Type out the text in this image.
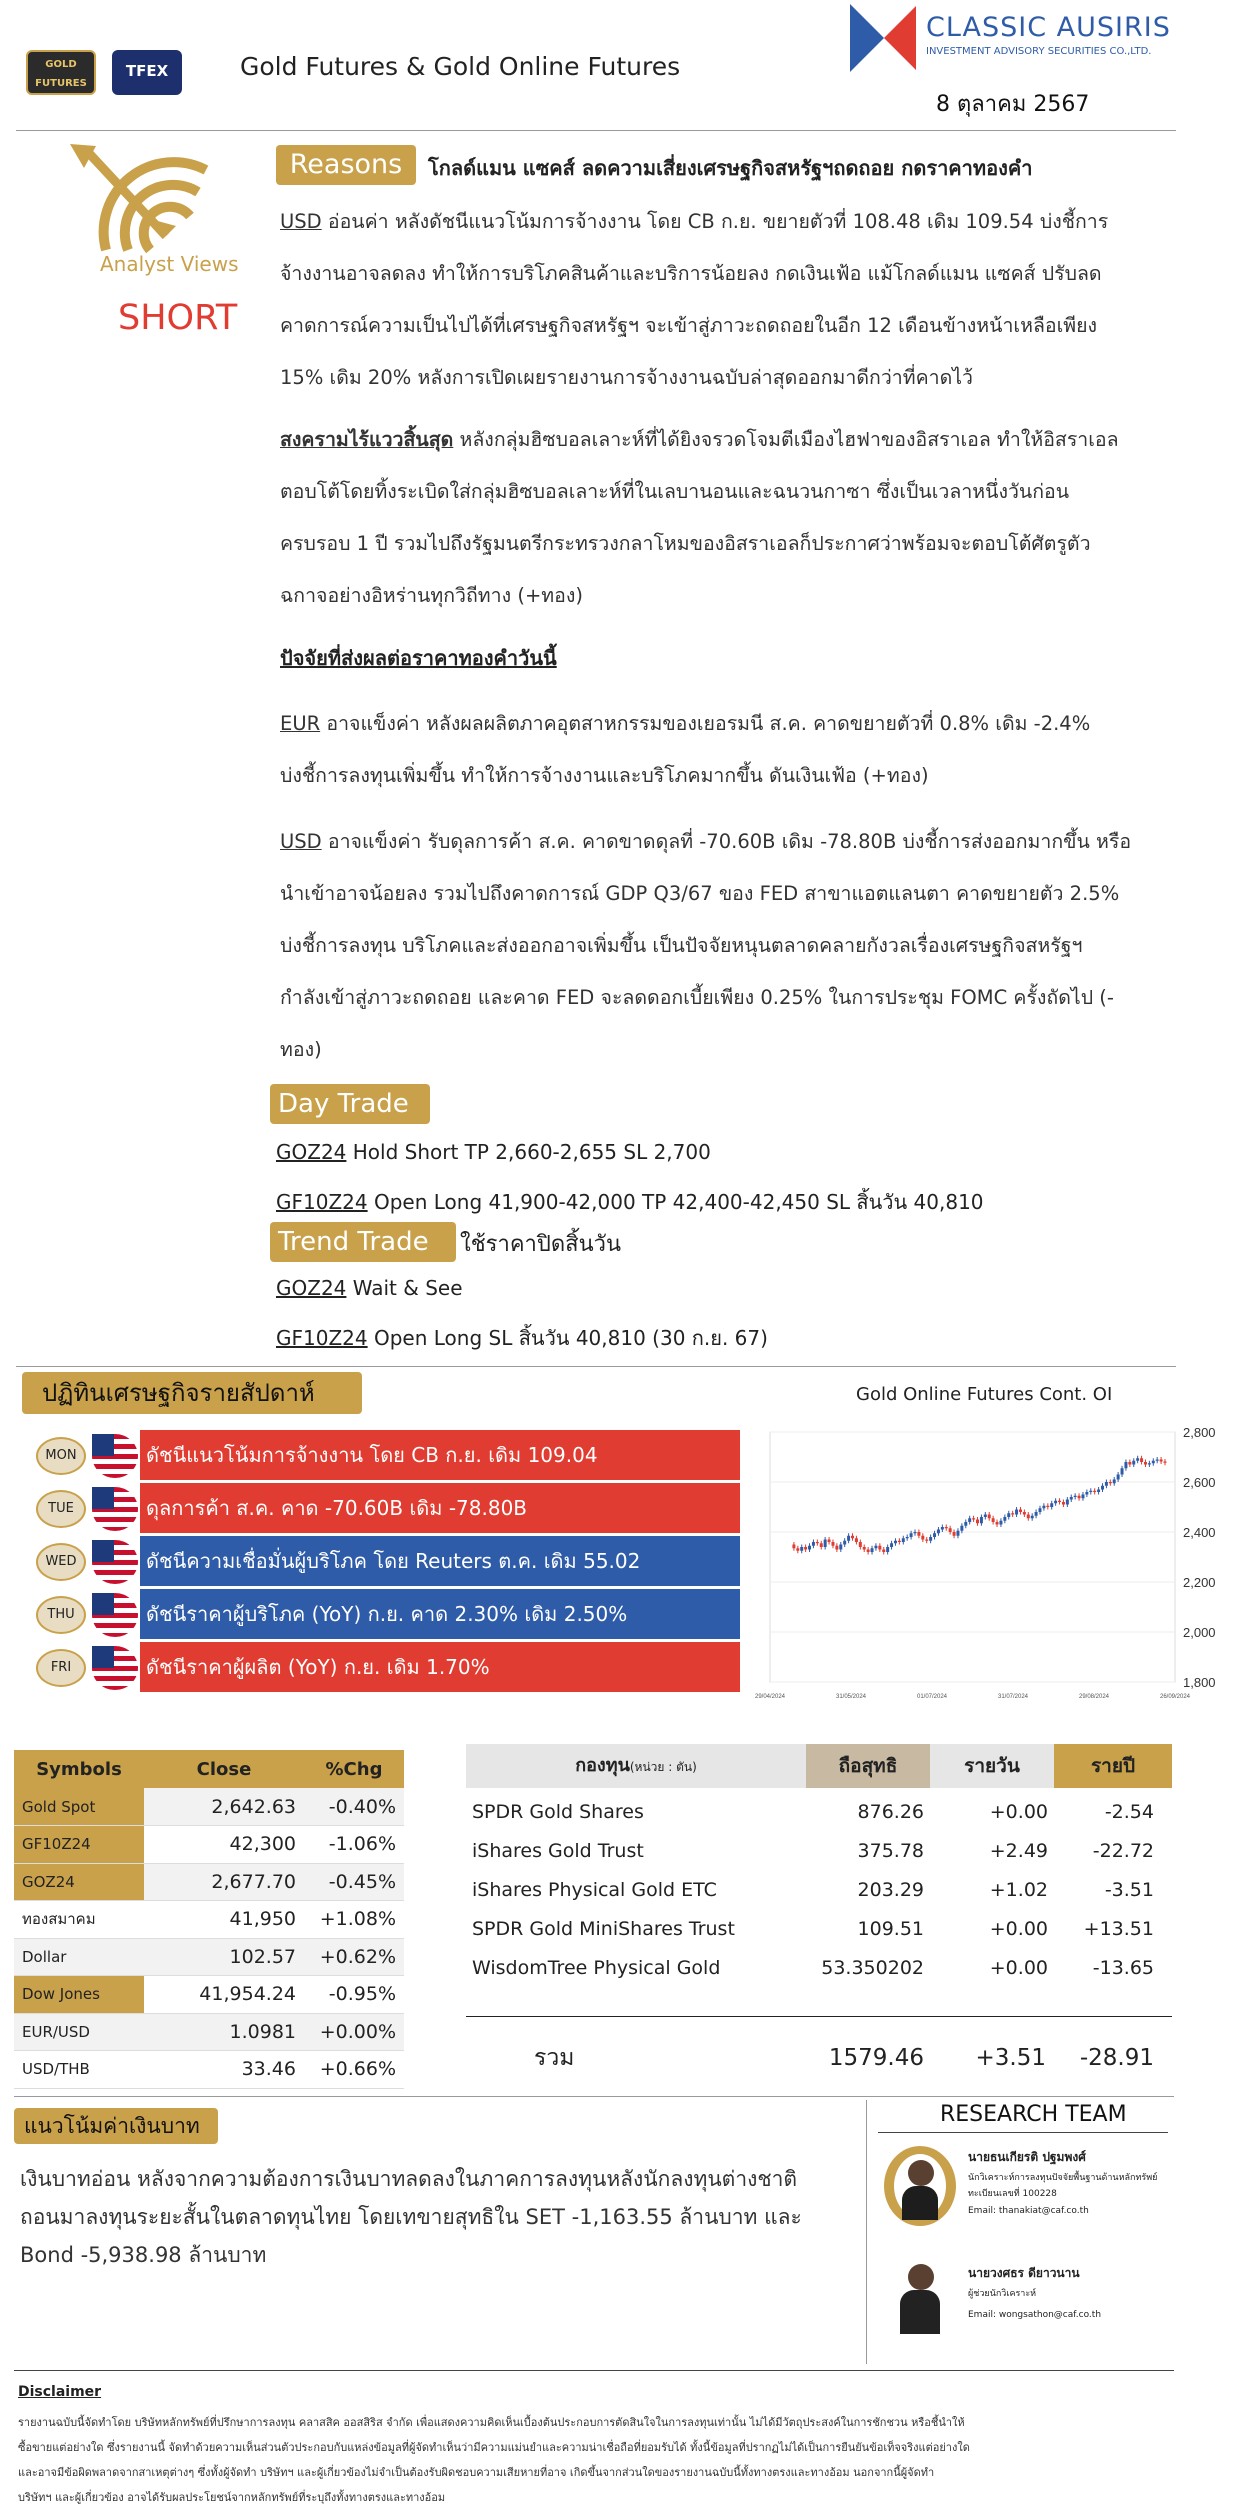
GOLD FUTURES
TFEX	Gold Futures & Gold Online Futures
CLASSIC AUSIRIS
INVESTMENT ADVISORY SECURITIES CO.,LTD.
8 ตุลาคม 2567
Analyst Views
SHORT
Reasons	โกลด์แมน แซคส์ ลดความเสี่ยงเศรษฐกิจสหรัฐฯถดถอย กดราคาทองคำ

USD อ่อนค่า หลังดัชนีแนวโน้มการจ้างงาน โดย CB ก.ย. ขยายตัวที่ 108.48 เดิม 109.54 บ่งชี้การ

จ้างงานอาจลดลง ทำให้การบริโภคสินค้าและบริการน้อยลง กดเงินเฟ้อ แม้โกลด์แมน แซคส์ ปรับลด

คาดการณ์ความเป็นไปได้ที่เศรษฐกิจสหรัฐฯ จะเข้าสู่ภาวะถดถอยในอีก 12 เดือนข้างหน้าเหลือเพียง

15% เดิม 20% หลังการเปิดเผยรายงานการจ้างงานฉบับล่าสุดออกมาดีกว่าที่คาดไว้

สงครามไร้แววสิ้นสุด หลังกลุ่มฮิซบอลเลาะห์ที่ได้ยิงจรวดโจมตีเมืองไฮฟาของอิสราเอล ทำให้อิสราเอล

ตอบโต้โดยทิ้งระเบิดใส่กลุ่มฮิซบอลเลาะห์ที่ในเลบานอนและฉนวนกาซา ซึ่งเป็นเวลาหนึ่งวันก่อน

ครบรอบ 1 ปี รวมไปถึงรัฐมนตรีกระทรวงกลาโหมของอิสราเอลก็ประกาศว่าพร้อมจะตอบโต้ศัตรูตัว

ฉกาจอย่างอิหร่านทุกวิถีทาง (+ทอง)

ปัจจัยที่ส่งผลต่อราคาทองคำวันนี้

EUR อาจแข็งค่า หลังผลผลิตภาคอุตสาหกรรมของเยอรมนี ส.ค. คาดขยายตัวที่ 0.8% เดิม -2.4%

บ่งชี้การลงทุนเพิ่มขึ้น ทำให้การจ้างงานและบริโภคมากขึ้น ดันเงินเฟ้อ (+ทอง)

USD อาจแข็งค่า รับดุลการค้า ส.ค. คาดขาดดุลที่ -70.60B เดิม -78.80B บ่งชี้การส่งออกมากขึ้น หรือ

นำเข้าอาจน้อยลง รวมไปถึงคาดการณ์ GDP Q3/67 ของ FED สาขาแอตแลนตา คาดขยายตัว 2.5%

บ่งชี้การลงทุน บริโภคและส่งออกอาจเพิ่มขึ้น เป็นปัจจัยหนุนตลาดคลายกังวลเรื่องเศรษฐกิจสหรัฐฯ

กำลังเข้าสู่ภาวะถดถอย และคาด FED จะลดดอกเบี้ยเพียง 0.25% ในการประชุม FOMC ครั้งถัดไป (-

ทอง)

Day Trade
GOZ24 Hold Short TP 2,660-2,655 SL 2,700
GF10Z24 Open Long 41,900-42,000 TP 42,400-42,450 SL สิ้นวัน 40,810
Trend Trade	ใช้ราคาปิดสิ้นวัน
GOZ24 Wait & See
GF10Z24 Open Long SL สิ้นวัน 40,810 (30 ก.ย. 67)
ปฏิทินเศรษฐกิจรายสัปดาห์
MON	ดัชนีแนวโน้มการจ้างงาน โดย CB ก.ย. เดิม 109.04
TUE	ดุลการค้า ส.ค. คาด -70.60B เดิม -78.80B
WED	ดัชนีความเชื่อมั่นผู้บริโภค โดย Reuters ต.ค. เดิม 55.02
THU	ดัชนีราคาผู้บริโภค (YoY) ก.ย. คาด 2.30% เดิม 2.50%
FRI	ดัชนีราคาผู้ผลิต (YoY) ก.ย. เดิม 1.70%
Gold Online Futures Cont. OI
2,800
2,600
2,400
2,200
2,000
1,800
29/04/2024	31/05/2024	01/07/2024	31/07/2024	29/08/2024	26/09/2024
Symbols	Close	%Chg
Gold Spot	2,642.63	-0.40%
GF10Z24	42,300	-1.06%
GOZ24	2,677.70	-0.45%
ทองสมาคม	41,950	+1.08%
Dollar	102.57	+0.62%
Dow Jones	41,954.24	-0.95%
EUR/USD	1.0981	+0.00%
USD/THB	33.46	+0.66%
กองทุน(หน่วย : ตัน)	ถือสุทธิ	รายวัน	รายปี
SPDR Gold Shares	876.26	+0.00	-2.54
iShares Gold Trust	375.78	+2.49	-22.72
iShares Physical Gold ETC	203.29	+1.02	-3.51
SPDR Gold MiniShares Trust	109.51	+0.00	+13.51
WisdomTree Physical Gold	53.350202	+0.00	-13.65
รวม	1579.46	+3.51	-28.91
แนวโน้มค่าเงินบาท

เงินบาทอ่อน หลังจากความต้องการเงินบาทลดลงในภาคการลงทุนหลังนักลงทุนต่างชาติ

ถอนมาลงทุนระยะสั้นในตลาดทุนไทย โดยเทขายสุทธิใน SET -1,163.55 ล้านบาท และ

Bond -5,938.98 ล้านบาท

RESEARCH TEAM
นายธนเกียรติ ปฐมพงศ์
นักวิเคราะห์การลงทุนปัจจัยพื้นฐานด้านหลักทรัพย์
ทะเบียนเลขที่ 100228
Email: thanakiat@caf.co.th
นายวงศธร ดียาวนาน
ผู้ช่วยนักวิเคราะห์
Email: wongsathon@caf.co.th
Disclaimer

รายงานฉบับนี้จัดทำโดย บริษัทหลักทรัพย์ที่ปรึกษาการลงทุน คลาสสิค ออสสิริส จำกัด เพื่อแสดงความคิดเห็นเบื้องต้นประกอบการตัดสินใจในการลงทุนเท่านั้น ไม่ได้มีวัตถุประสงค์ในการชักชวน หรือชี้นำให้

ซื้อขายแต่อย่างใด ซึ่งรายงานนี้ จัดทำด้วยความเห็นส่วนตัวประกอบกับแหล่งข้อมูลที่ผู้จัดทำเห็นว่ามีความแม่นยำและความน่าเชื่อถือที่ยอมรับได้ ทั้งนี้ข้อมูลที่ปรากฏไม่ได้เป็นการยืนยันข้อเท็จจริงแต่อย่างใด

และอาจมีข้อผิดพลาดจากสาเหตุต่างๆ ซึ่งทั้งผู้จัดทำ บริษัทฯ และผู้เกี่ยวข้องไม่จำเป็นต้องรับผิดชอบความเสียหายที่อาจ เกิดขึ้นจากส่วนใดของรายงานฉบับนี้ทั้งทางตรงและทางอ้อม นอกจากนี้ผู้จัดทำ

บริษัทฯ และผู้เกี่ยวข้อง อาจได้รับผลประโยชน์จากหลักทรัพย์ที่ระบุถึงทั้งทางตรงและทางอ้อม
